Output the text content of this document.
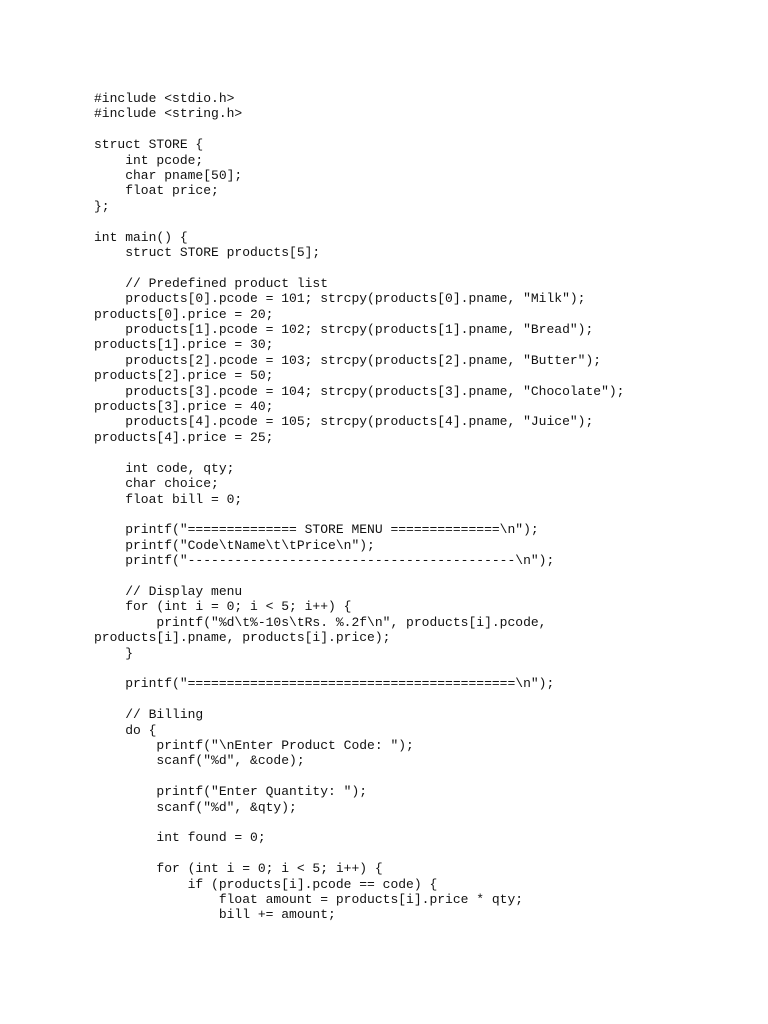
#include <stdio.h>
#include <string.h>
struct STORE {
int pcode;
char pname[50];
float price;
};
int main() {
struct STORE products[5];
// Predefined product list
products[0].pcode = 101; strcpy(products[0].pname, "Milk");
products[0].price = 20;
products[1].pcode = 102; strcpy(products[1].pname, "Bread");
products[1].price = 30;
products[2].pcode = 103; strcpy(products[2].pname, "Butter");
products[2].price = 50;
products[3].pcode = 104; strcpy(products[3].pname, "Chocolate");
products[3].price = 40;
products[4].pcode = 105; strcpy(products[4].pname, "Juice");
products[4].price = 25;
int code, qty;
char choice;
float bill = 0;
printf("============== STORE MENU ==============\n");
printf("Code\tName\t\tPrice\n");
printf("------------------------------------------\n");
// Display menu
for (int i = 0; i < 5; i++) {
printf("%d\t%-10s\tRs. %.2f\n", products[i].pcode,
products[i].pname, products[i].price);
}
printf("==========================================\n");
// Billing
do {
printf("\nEnter Product Code: ");
scanf("%d", &code);
printf("Enter Quantity: ");
scanf("%d", &qty);
int found = 0;
for (int i = 0; i < 5; i++) {
if (products[i].pcode == code) {
float amount = products[i].price * qty;
bill += amount;
